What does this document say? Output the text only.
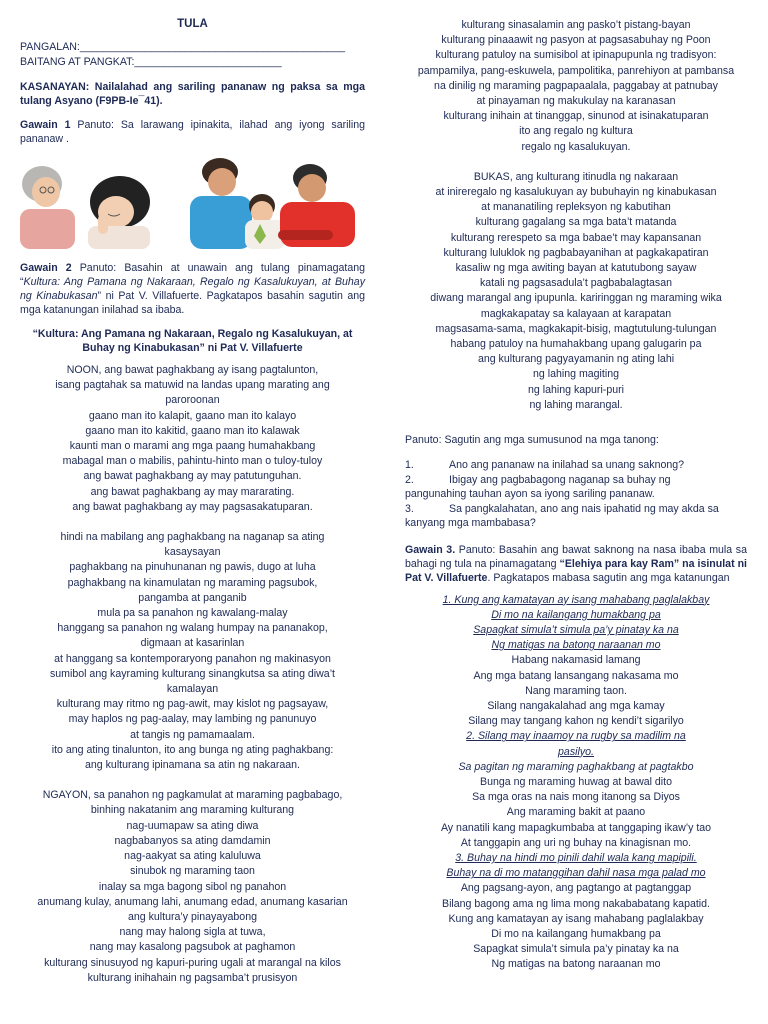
TULA
PANGALAN:_____________________________________________
BAITANG AT PANGKAT:_________________________

KASANAYAN: Nailalahad ang sariling pananaw ng paksa sa mga tulang Asyano (F9PB-Ie¯41).

Gawain 1 Panuto: Sa larawang ipinakita, ilahad ang iyong sariling pananaw .

Gawain 2 Panuto: Basahin at unawain ang tulang pinamagatang “Kultura: Ang Pamana ng Nakaraan, Regalo ng Kasalukuyan, at Buhay ng Kinabukasan” ni Pat V. Villafuerte. Pagkatapos basahin sagutin ang mga katanungan inilahad sa ibaba.

“Kultura: Ang Pamana ng Nakaraan, Regalo ng Kasalukuyan, at Buhay ng Kinabukasan” ni Pat V. Villafuerte

NOON, ang bawat paghakbang ay isang pagtalunton,
isang pagtahak sa matuwid na landas upang marating ang
paroroonan
gaano man ito kalapit, gaano man ito kalayo
gaano man ito kakitid, gaano man ito kalawak
kaunti man o marami ang mga paang humahakbang
mabagal man o mabilis, pahintu-hinto man o tuloy-tuloy
ang bawat paghakbang ay may patutunguhan.
ang bawat paghakbang ay may mararating.
ang bawat paghakbang ay may pagsasakatuparan.
hindi na mabilang ang paghakbang na naganap sa ating
kasaysayan
paghakbang na pinuhunanan ng pawis, dugo at luha
paghakbang na kinamulatan ng maraming pagsubok,
pangamba at panganib
mula pa sa panahon ng kawalang-malay
hanggang sa panahon ng walang humpay na pananakop,
digmaan at kasarinlan
at hanggang sa kontemporaryong panahon ng makinasyon
sumibol ang kayraming kulturang sinangkutsa sa ating diwa’t
kamalayan
kulturang may ritmo ng pag-awit, may kislot ng pagsayaw,
may haplos ng pag-aalay, may lambing ng panunuyo
at tangis ng pamamaalam.
ito ang ating tinalunton, ito ang bunga ng ating paghakbang:
ang kulturang ipinamana sa atin ng nakaraan.
NGAYON, sa panahon ng pagkamulat at maraming pagbabago,
binhing nakatanim ang maraming kulturang
nag-uumapaw sa ating diwa
nagbabanyos sa ating damdamin
nag-aakyat sa ating kaluluwa
sinubok ng maraming taon
inalay sa mga bagong sibol ng panahon
anumang kulay, anumang lahi, anumang edad, anumang kasarian
ang kultura’y pinayayabong
nang may halong sigla at tuwa,
nang may kasalong pagsubok at paghamon
kulturang sinusuyod ng kapuri-puring ugali at marangal na kilos
kulturang inihahain ng pagsamba’t prusisyon
kulturang sinasalamin ang pasko’t pistang-bayan
kulturang pinaaawit ng pasyon at pagsasabuhay ng Poon
kulturang patuloy na sumisibol at ipinapupunla ng tradisyon:
pampamilya, pang-eskuwela, pampolitika, panrehiyon at pambansa
na dinilig ng maraming pagpapaalala, paggabay at patnubay
at pinayaman ng makukulay na karanasan
kulturang inihain at tinanggap, sinunod at isinakatuparan
ito ang regalo ng kultura
regalo ng kasalukuyan.
BUKAS, ang kulturang itinudla ng nakaraan
at inireregalo ng kasalukuyan ay bubuhayin ng kinabukasan
at mananatiling repleksyon ng kabutihan
kulturang gagalang sa mga bata’t matanda
kulturang rerespeto sa mga babae’t may kapansanan
kulturang luluklok ng pagbabayanihan at pagkakapatiran
kasaliw ng mga awiting bayan at katutubong sayaw
katali ng pagsasadula’t pagbabalagtasan
diwang marangal ang ipupunla. kariringgan ng maraming wika
magkakapatay sa kalayaan at karapatan
magsasama-sama, magkakapit-bisig, magtutulung-tulungan
habang patuloy na humahakbang upang galugarin pa
ang kulturang pagyayamanin ng ating lahi
ng lahing magiting
ng lahing kapuri-puri
ng lahing marangal.
Panuto: Sagutin ang mga sumusunod na mga tanong:
1.	Ano ang pananaw na inilahad sa unang saknong?
2.	Ibigay ang pagbabagong naganap sa buhay ng
pangunahing tauhan ayon sa iyong sariling pananaw.
3.	Sa pangkalahatan, ano ang nais ipahatid ng may akda sa
kanyang mga mambabasa?

Gawain 3. Panuto: Basahin ang bawat saknong na nasa ibaba mula sa bahagi ng tula na pinamagatang “Elehiya para kay Ram” na isinulat ni Pat V. Villafuerte. Pagkatapos mabasa sagutin ang mga katanungan

1. Kung ang kamatayan ay isang mahabang paglalakbay
Di mo na kailangang humakbang pa
Sapagkat simula’t simula pa’y pinatay ka na
Ng matigas na batong naraanan mo
Habang nakamasid lamang
Ang mga batang lansangang nakasama mo
Nang maraming taon.
Silang nangakalahad ang mga kamay
Silang may tangang kahon ng kendi’t sigarilyo
2. Silang may inaamoy na rugby sa madilim na
pasilyo.
Sa pagitan ng maraming paghakbang at pagtakbo
Bunga ng maraming huwag at bawal dito
Sa mga oras na nais mong itanong sa Diyos
Ang maraming bakit at paano
Ay nanatili kang mapagkumbaba at tanggaping ikaw’y tao
At tanggapin ang uri ng buhay na kinagisnan mo.
3. Buhay na hindi mo pinili dahil wala kang mapipili.
Buhay na di mo matanggihan dahil nasa mga palad mo
Ang pagsang-ayon, ang pagtango at pagtanggap
Bilang bagong ama ng lima mong nakababatang kapatid.
Kung ang kamatayan ay isang mahabang paglalakbay
Di mo na kailangang humakbang pa
Sapagkat simula’t simula pa’y pinatay ka na
Ng matigas na batong naraanan mo
